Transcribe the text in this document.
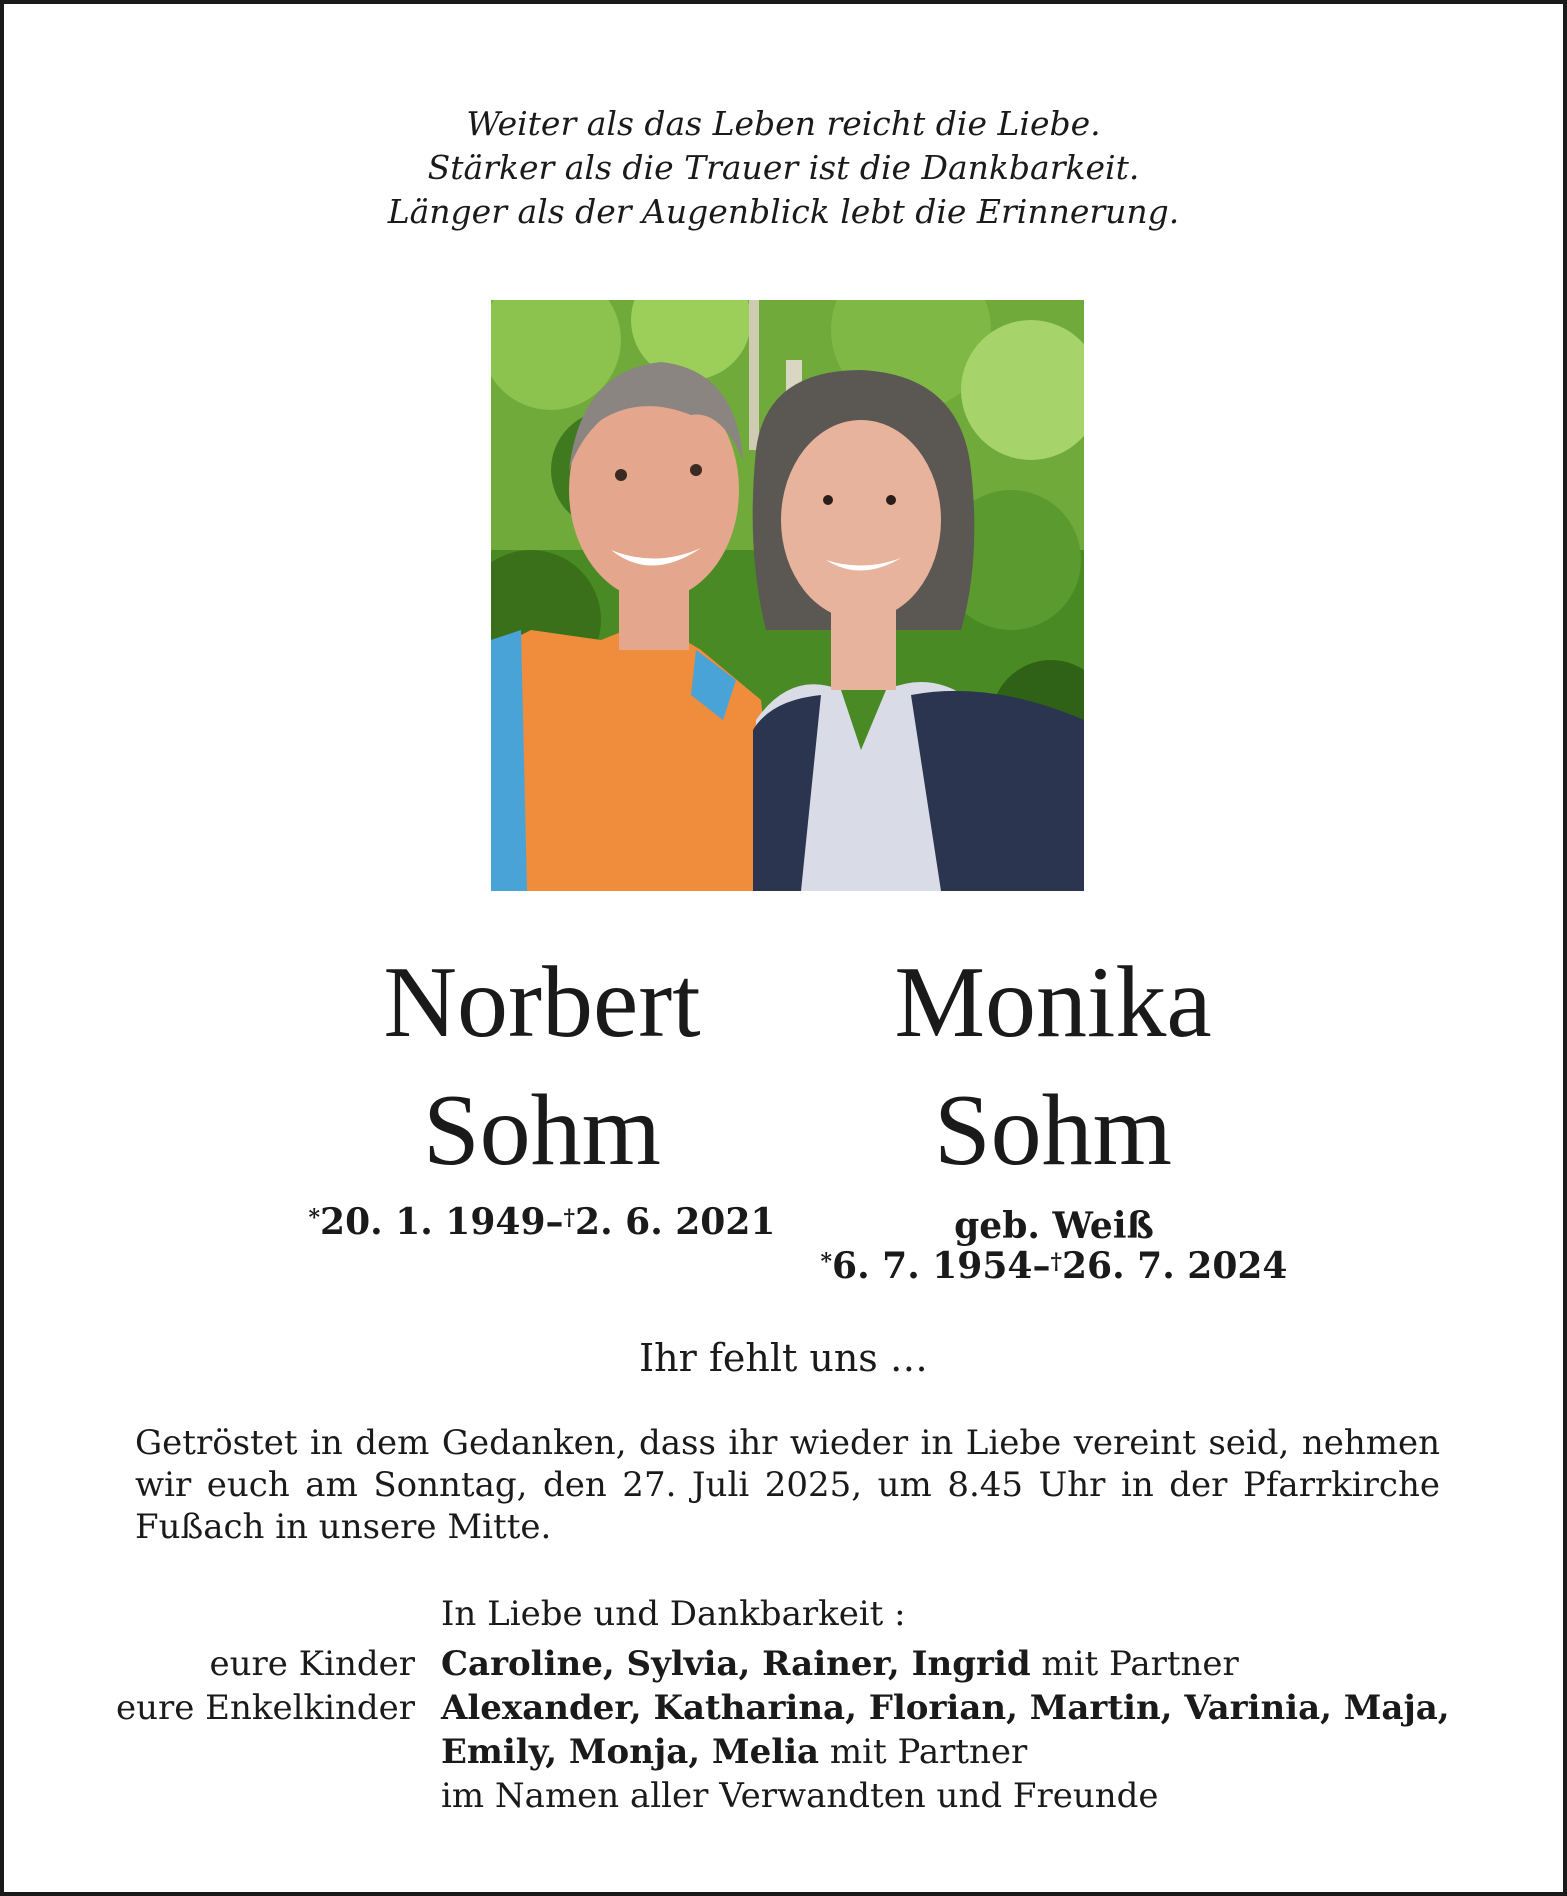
Weiter als das Leben reicht die Liebe.
Stärker als die Trauer ist die Dankbarkeit.
Länger als der Augenblick lebt die Erinnerung.
Norbert
Sohm
Monika
Sohm
*20. 1. 1949–†2. 6. 2021	geb. Weiß
*6. 7. 1954–†26. 7. 2024
Ihr fehlt uns …
Getröstet in dem Gedanken, dass ihr wieder in Liebe vereint seid, nehmen wir euch am Sonntag, den 27. Juli 2025, um 8.45 Uhr in der Pfarrkirche Fußach in unsere Mitte.
In Liebe und Dankbarkeit :
eure Kinder Caroline, Sylvia, Rainer, Ingrid mit Partner
eure Enkelkinder Alexander, Katharina, Florian, Martin, Varinia, Maja,
Emily, Monja, Melia mit Partner
im Namen aller Verwandten und Freunde
